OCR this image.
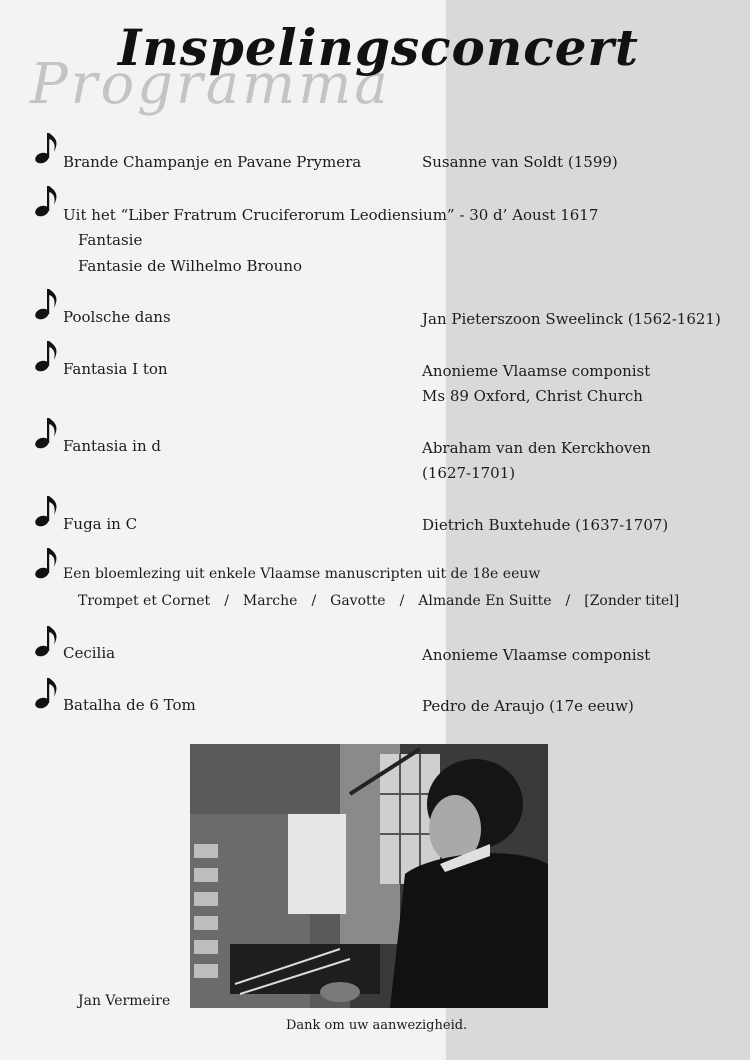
Programma
Inspelingsconcert
Brande Champanje en Pavane Prymera	Susanne van Soldt (1599)
Uit het “Liber Fratrum Cruciferorum Leodiensium” - 30 d’ Aoust 1617
Fantasie
Fantasie de Wilhelmo Brouno
Poolsche dans	Jan Pieterszoon Sweelinck (1562-1621)
Fantasia I ton	Anonieme Vlaamse componist
Ms 89 Oxford, Christ Church
Fantasia in d	Abraham van den Kerckhoven
(1627-1701)
Fuga in C	Dietrich Buxtehude (1637-1707)
Een bloemlezing uit enkele Vlaamse manuscripten uit de 18e eeuw
Trompet et Cornet / Marche / Gavotte / Almande En Suitte / [Zonder titel]
Cecilia	Anonieme Vlaamse componist
Batalha de 6 Tom	Pedro de Araujo (17e eeuw)
Jan Vermeire
Dank om uw aanwezigheid.
